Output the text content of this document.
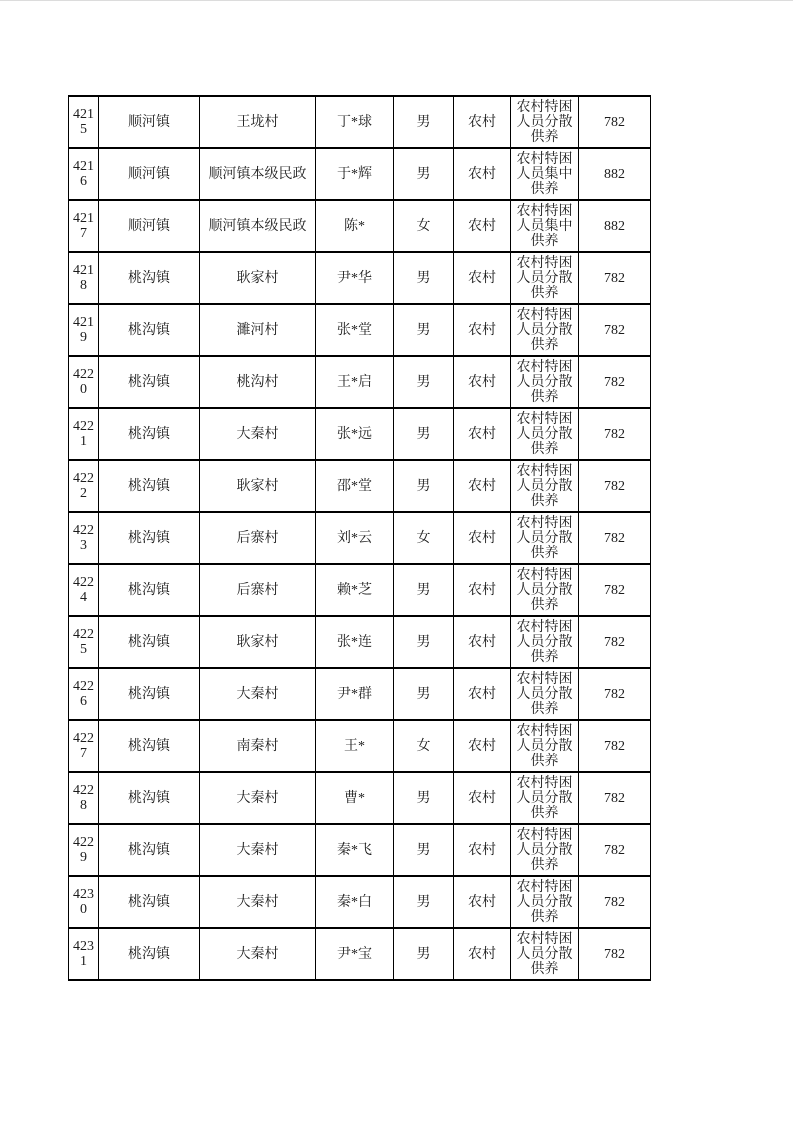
4215	顺河镇	王垅村	丁*球	男	农村	农村特困人员分散供养	782
4216	顺河镇	顺河镇本级民政	于*辉	男	农村	农村特困人员集中供养	882
4217	顺河镇	顺河镇本级民政	陈*	女	农村	农村特困人员集中供养	882
4218	桃沟镇	耿家村	尹*华	男	农村	农村特困人员分散供养	782
4219	桃沟镇	濉河村	张*堂	男	农村	农村特困人员分散供养	782
4220	桃沟镇	桃沟村	王*启	男	农村	农村特困人员分散供养	782
4221	桃沟镇	大秦村	张*远	男	农村	农村特困人员分散供养	782
4222	桃沟镇	耿家村	邵*堂	男	农村	农村特困人员分散供养	782
4223	桃沟镇	后寨村	刘*云	女	农村	农村特困人员分散供养	782
4224	桃沟镇	后寨村	赖*芝	男	农村	农村特困人员分散供养	782
4225	桃沟镇	耿家村	张*连	男	农村	农村特困人员分散供养	782
4226	桃沟镇	大秦村	尹*群	男	农村	农村特困人员分散供养	782
4227	桃沟镇	南秦村	王*	女	农村	农村特困人员分散供养	782
4228	桃沟镇	大秦村	曹*	男	农村	农村特困人员分散供养	782
4229	桃沟镇	大秦村	秦*飞	男	农村	农村特困人员分散供养	782
4230	桃沟镇	大秦村	秦*白	男	农村	农村特困人员分散供养	782
4231	桃沟镇	大秦村	尹*宝	男	农村	农村特困人员分散供养	782
